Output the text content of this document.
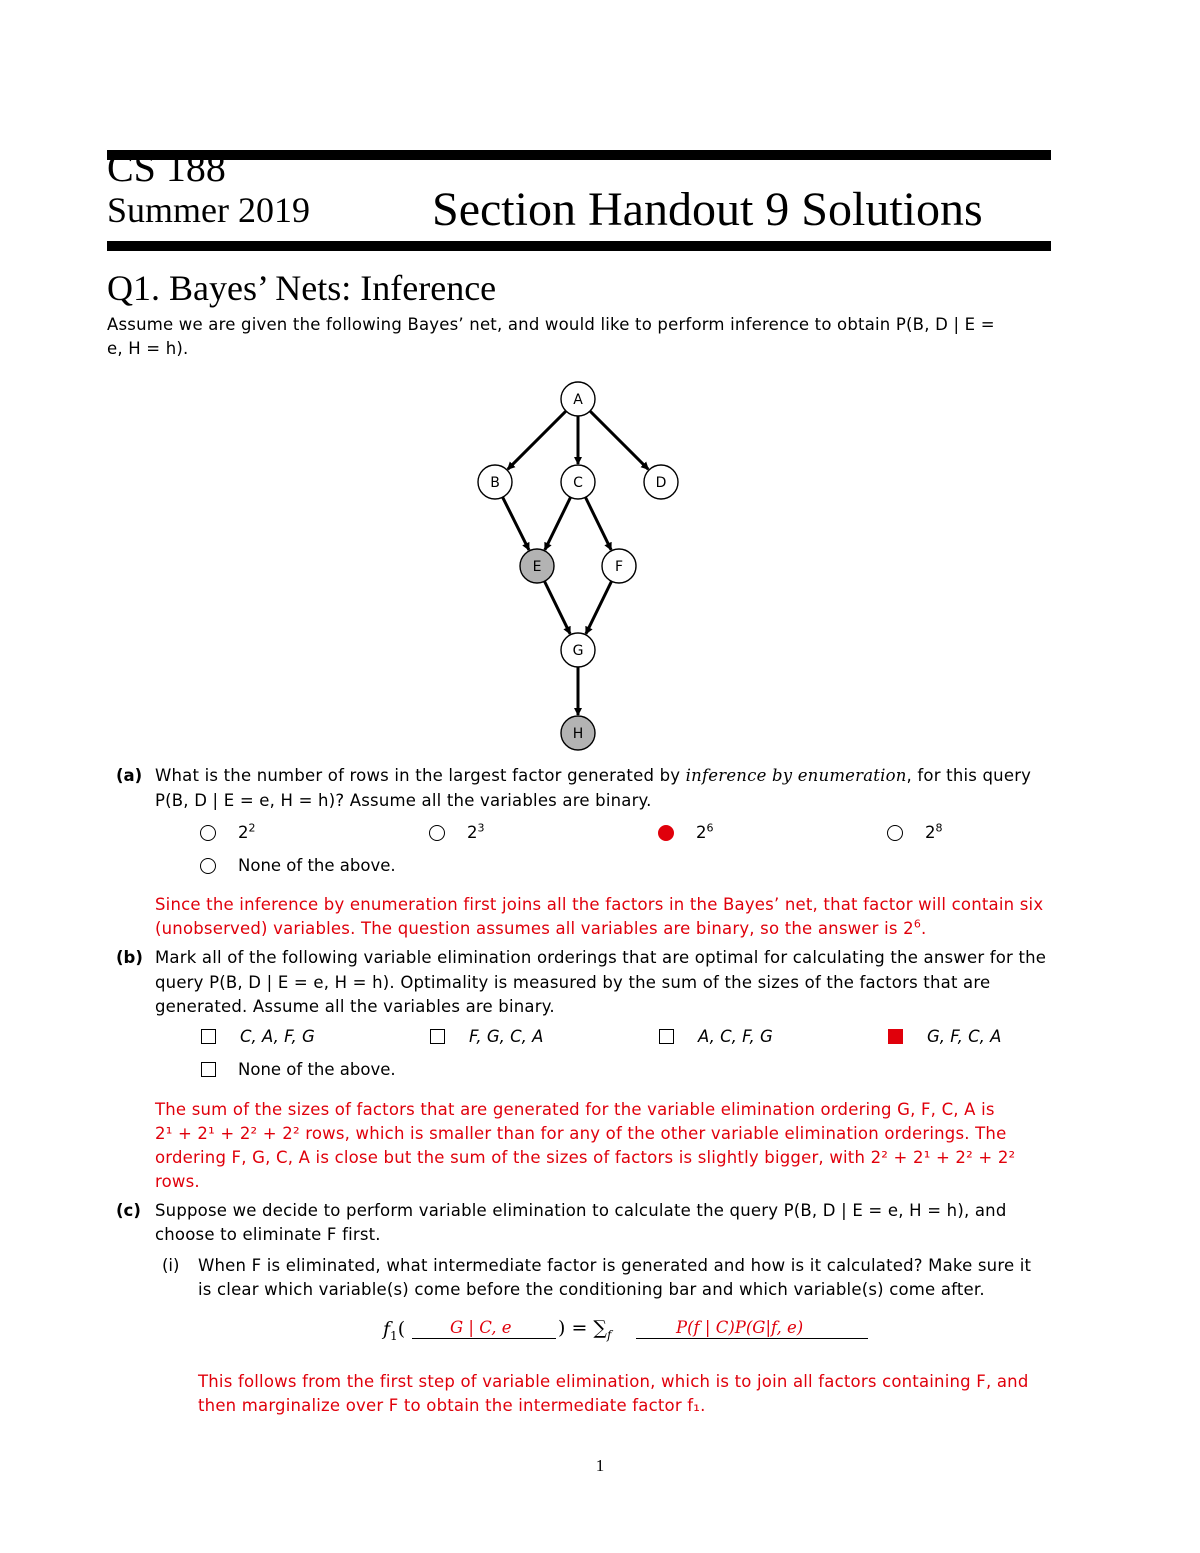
CS 188
Summer 2019	Section Handout 9 Solutions
Q1. Bayes’ Nets: Inference
Assume we are given the following Bayes’ net, and would like to perform inference to obtain P(B, D | E =
e, H = h).
A
B	C	D
E	F
G
H
(a) What is the number of rows in the largest factor generated by inference by enumeration, for this query
P(B, D | E = e, H = h)? Assume all the variables are binary.
$2^2$	$2^3$	$2^6$	$2^8$
None of the above.
Since the inference by enumeration first joins all the factors in the Bayes’ net, that factor will contain six
(unobserved) variables. The question assumes all variables are binary, so the answer is $2^6$.
(b) Mark all of the following variable elimination orderings that are optimal for calculating the answer for the
query P(B, D | E = e, H = h). Optimality is measured by the sum of the sizes of the factors that are
generated. Assume all the variables are binary.
C, A, F, G	F, G, C, A	A, C, F, G	G, F, C, A
None of the above.
The sum of the sizes of factors that are generated for the variable elimination ordering G, F, C, A is
2¹ + 2¹ + 2² + 2² rows, which is smaller than for any of the other variable elimination orderings. The
ordering F, G, C, A is close but the sum of the sizes of factors is slightly bigger, with 2² + 2¹ + 2² + 2²
rows.
(c) Suppose we decide to perform variable elimination to calculate the query P(B, D | E = e, H = h), and
choose to eliminate F first.
(i) When F is eliminated, what intermediate factor is generated and how is it calculated? Make sure it
is clear which variable(s) come before the conditioning bar and which variable(s) come after.
$f_1$(	G | C, e ) = $\sum_f$	P(f | C)P(G|f, e)
This follows from the first step of variable elimination, which is to join all factors containing F, and
then marginalize over F to obtain the intermediate factor f₁.
1
